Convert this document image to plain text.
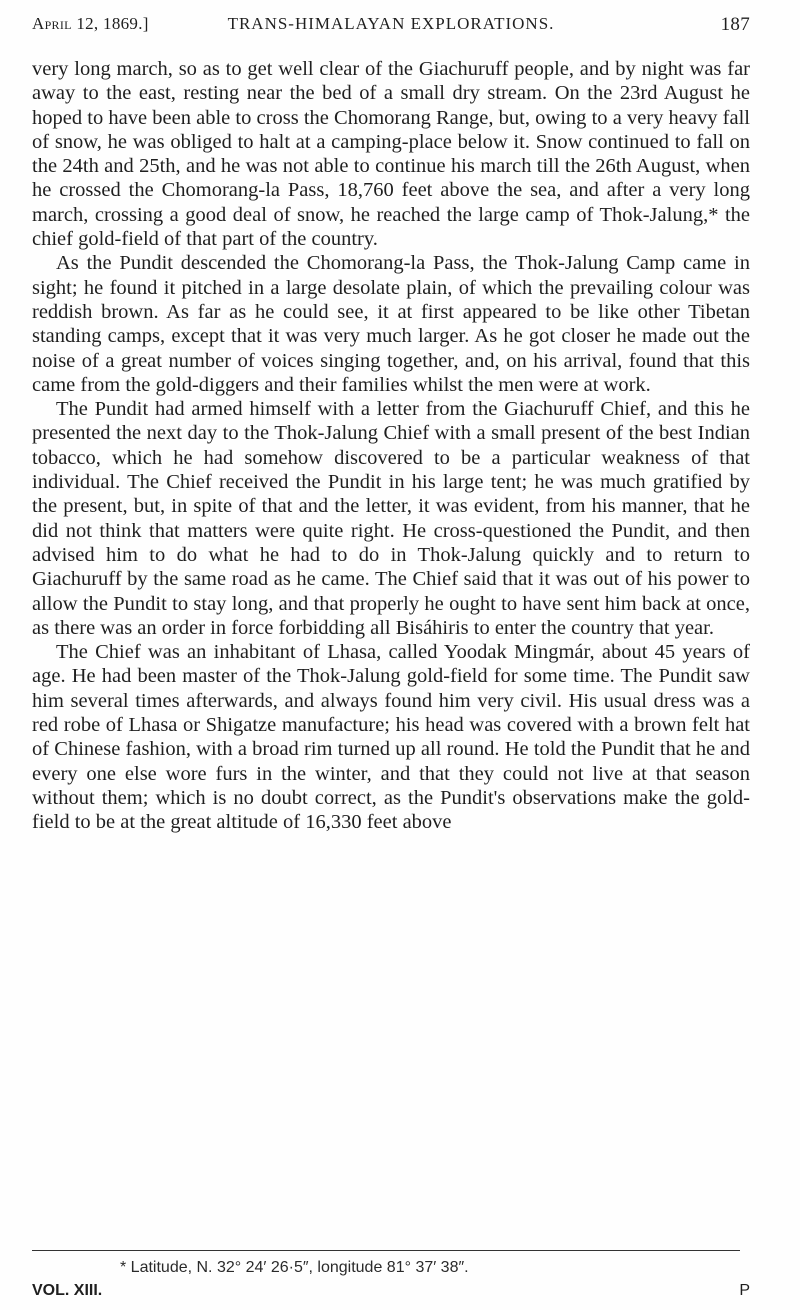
April 12, 1869.]	TRANS-HIMALAYAN EXPLORATIONS.	187

very long march, so as to get well clear of the Giachuruff people, and by night was far away to the east, resting near the bed of a small dry stream. On the 23rd August he hoped to have been able to cross the Chomorang Range, but, owing to a very heavy fall of snow, he was obliged to halt at a camping-place below it. Snow continued to fall on the 24th and 25th, and he was not able to continue his march till the 26th August, when he crossed the Chomorang-la Pass, 18,760 feet above the sea, and after a very long march, crossing a good deal of snow, he reached the large camp of Thok-Jalung,* the chief gold-field of that part of the country.

As the Pundit descended the Chomorang-la Pass, the Thok-Jalung Camp came in sight; he found it pitched in a large desolate plain, of which the prevailing colour was reddish brown. As far as he could see, it at first appeared to be like other Tibetan standing camps, except that it was very much larger. As he got closer he made out the noise of a great number of voices singing together, and, on his arrival, found that this came from the gold-diggers and their families whilst the men were at work.

The Pundit had armed himself with a letter from the Giachuruff Chief, and this he presented the next day to the Thok-Jalung Chief with a small present of the best Indian tobacco, which he had somehow discovered to be a particular weakness of that individual. The Chief received the Pundit in his large tent; he was much gratified by the present, but, in spite of that and the letter, it was evident, from his manner, that he did not think that matters were quite right. He cross-questioned the Pundit, and then advised him to do what he had to do in Thok-Jalung quickly and to return to Giachuruff by the same road as he came. The Chief said that it was out of his power to allow the Pundit to stay long, and that properly he ought to have sent him back at once, as there was an order in force forbidding all Bisáhiris to enter the country that year.

The Chief was an inhabitant of Lhasa, called Yoodak Mingmár, about 45 years of age. He had been master of the Thok-Jalung gold-field for some time. The Pundit saw him several times afterwards, and always found him very civil. His usual dress was a red robe of Lhasa or Shigatze manufacture; his head was covered with a brown felt hat of Chinese fashion, with a broad rim turned up all round. He told the Pundit that he and every one else wore furs in the winter, and that they could not live at that season without them; which is no doubt correct, as the Pundit's observations make the gold-field to be at the great altitude of 16,330 feet above

* Latitude, N. 32° 24′ 26·5″, longitude 81° 37′ 38″.
VOL. XIII.	P
